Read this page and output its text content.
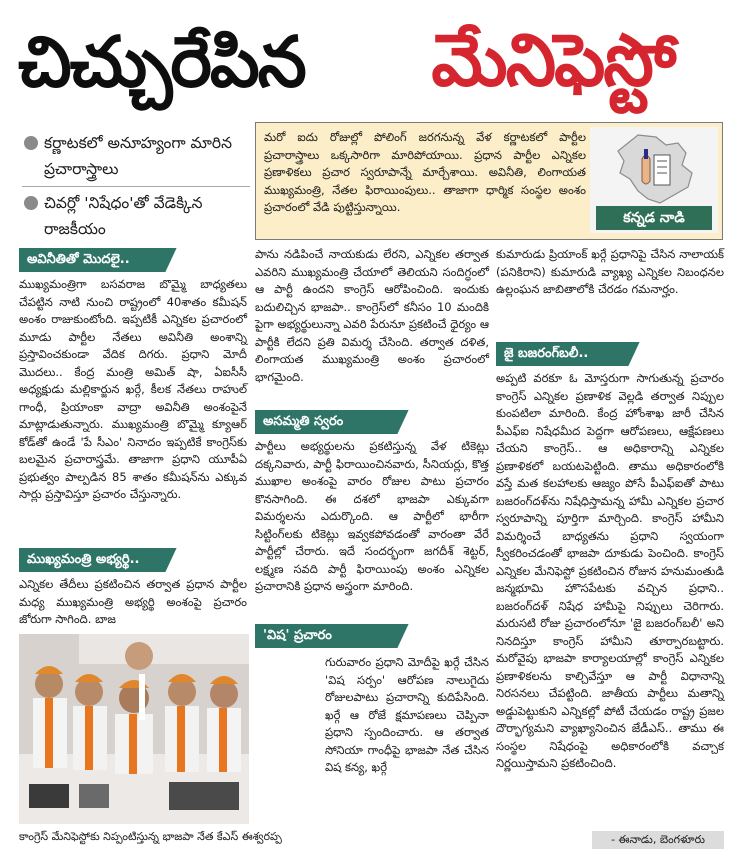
చిచ్చురేపిన	మేనిఫెస్టో
కర్ణాటకలో అనూహ్యంగా మారిన ప్రచారాస్త్రాలు
చివర్లో 'నిషేధం'తో వేడెక్కిన రాజకీయం
మరో ఐదు రోజుల్లో పోలింగ్ జరగనున్న వేళ కర్ణాటకలో పార్టీల ప్రచారాస్త్రాలు ఒక్కసారిగా మారిపోయాయి. ప్రధాన పార్టీల ఎన్నికల ప్రణాళికలు ప్రచార స్వరూపాన్నే మార్చేశాయి. అవినీతి, లింగాయత ముఖ్యమంత్రి, నేతల ఫిరాయింపులు.. తాజాగా ధార్మిక సంస్థల అంశం ప్రచారంలో వేడి పుట్టిస్తున్నాయి.
కన్నడ నాడి
అవినీతితో మొదలై..
ముఖ్యమంత్రిగా బసవరాజ బొమ్మై బాధ్యతలు చేపట్టిన నాటి నుంచి రాష్ట్రంలో 40శాతం కమీషన్ అంశం రాజుకుంటోంది. ఇప్పటికీ ఎన్నికల ప్రచారంలో మూడు పార్టీల నేతలు అవినీతి అంశాన్ని ప్రస్తావించకుండా వేదిక దిగరు. ప్రధాని మోదీ మొదలు.. కేంద్ర మంత్రి అమిత్ షా, ఏఐసీసీ అధ్యక్షుడు మల్లికార్జున ఖర్గే, కీలక నేతలు రాహుల్ గాంధీ, ప్రియాంకా వాద్రా అవినీతి అంశంపైనే మాట్లాడుతున్నారు. ముఖ్యమంత్రి బొమ్మై క్యూఆర్ కోడ్‌తో ఉండే 'పే సీఎం' నినాదం ఇప్పటికే కాంగ్రెస్‌కు బలమైన ప్రచారాస్త్రమే. తాజాగా ప్రధాని యూపీఏ ప్రభుత్వం పాల్పడిన 85 శాతం కమీషన్‌ను ఎక్కువ సార్లు ప్రస్తావిస్తూ ప్రచారం చేస్తున్నారు.
ముఖ్యమంత్రి అభ్యర్థి..
ఎన్నికల తేదీలు ప్రకటించిన తర్వాత ప్రధాన పార్టీల మధ్య ముఖ్యమంత్రి అభ్యర్థి అంశంపై ప్రచారం జోరుగా సాగింది. బాజ
కాంగ్రెస్ మేనిఫెస్టోకు నిప్పంటిస్తున్న భాజపా నేత కేఎస్ ఈశ్వరప్ప
పాను నడిపించే నాయకుడు లేరని, ఎన్నికల తర్వాత ఎవరిని ముఖ్యమంత్రి చేయాలో తెలియని సందిగ్ధంలో ఆ పార్టీ ఉందని కాంగ్రెస్ ఆరోపించింది. ఇందుకు బదులిచ్చిన భాజపా.. కాంగ్రెస్‌లో కనీసం 10 మందికి పైగా అభ్యర్థులున్నా ఎవరి పేరునూ ప్రకటించే ధైర్యం ఆ పార్టీకి లేదని ప్రతి విమర్శ చేసింది. తర్వాత దళిత, లింగాయత ముఖ్యమంత్రి అంశం ప్రచారంలో భాగమైంది.
అసమ్మతి స్వరం
పార్టీలు అభ్యర్థులను ప్రకటిస్తున్న వేళ టికెట్లు దక్కనివారు, పార్టీ ఫిరాయించినవారు, సీనియర్లు, కొత్త ముఖాల అంశంపై వారం రోజుల పాటు ప్రచారం కొనసాగింది. ఈ దశలో భాజపా ఎక్కువగా విమర్శలను ఎదుర్కొంది. ఆ పార్టీలో భారీగా సిట్టింగ్‌లకు టికెట్లు ఇవ్వకపోవడంతో వారంతా వేరే పార్టీల్లో చేరారు. ఇదే సందర్భంగా జగదీశ్ శెట్టర్, లక్ష్మణ సవది పార్టీ ఫిరాయింపు అంశం ఎన్నికల ప్రచారానికి ప్రధాన అస్త్రంగా మారింది.
'విష' ప్రచారం
గురువారం ప్రధాని మోదీపై ఖర్గే చేసిన 'విష సర్పం' ఆరోపణ నాలుగైదు రోజులపాటు ప్రచారాన్ని కుదిపేసింది. ఖర్గే ఆ రోజే క్షమాపణలు చెప్పినా ప్రధాని స్పందించారు. ఆ తర్వాత సోనియా గాంధీపై భాజపా నేత చేసిన విష కన్య, ఖర్గే
కుమారుడు ప్రియాంక్ ఖర్గే ప్రధానిపై చేసిన నాలాయక్ (పనికిరాని) కుమారుడి వ్యాఖ్య ఎన్నికల నిబంధనల ఉల్లంఘన జాబితాలోకి చేరడం గమనార్హం.
జై బజరంగ్‌బలీ..
అప్పటి వరకూ ఓ మోస్తరుగా సాగుతున్న ప్రచారం కాంగ్రెస్ ఎన్నికల ప్రణాళిక వెల్లడి తర్వాత నిప్పుల కుంపటిలా మారింది. కేంద్ర హోంశాఖ జారీ చేసిన పీఎఫ్ఐ నిషేధమీద పెద్దగా ఆరోపణలు, ఆక్షేపణలు చేయని కాంగ్రెస్.. ఆ అధికారాన్ని ఎన్నికల ప్రణాళికలో బయటపెట్టింది. తాము అధికారంలోకి వస్తే మత కలహాలకు ఆజ్యం పోసే పీఎఫ్ఐతో పాటు బజరంగ్‌దళ్‌ను నిషేధిస్తామన్న హామీ ఎన్నికల ప్రచార స్వరూపాన్ని పూర్తిగా మార్చింది. కాంగ్రెస్ హామీని విమర్శించే బాధ్యతను ప్రధాని స్వయంగా స్వీకరించడంతో భాజపా దూకుడు పెంచింది. కాంగ్రెస్ ఎన్నికల మేనిఫెస్టో ప్రకటించిన రోజున హనుమంతుడి జన్మభూమి హొసపేటకు వచ్చిన ప్రధాని.. బజరంగ్‌దళ్ నిషేధ హామీపై నిప్పులు చెరిగారు. మరుసటి రోజు ప్రచారంలోనూ 'జై బజరంగ్‌బలీ' అని నినదిస్తూ కాంగ్రెస్ హామీని తూర్పారబట్టారు. మరోవైపు భాజపా కార్యాలయాల్లో కాంగ్రెస్ ఎన్నికల ప్రణాళికలను కాల్చివేస్తూ ఆ పార్టీ విధానాన్ని నిరసనలు చేపట్టింది. జాతీయ పార్టీలు మతాన్ని అడ్డుపెట్టుకుని ఎన్నికల్లో పోటీ చేయడం రాష్ట్ర ప్రజల దౌర్భాగ్యమని వ్యాఖ్యానించిన జేడీఎస్.. తాము ఈ సంస్థల నిషేధంపై అధికారంలోకి వచ్చాక నిర్ణయిస్తామని ప్రకటించింది.
- ఈనాడు, బెంగళూరు
